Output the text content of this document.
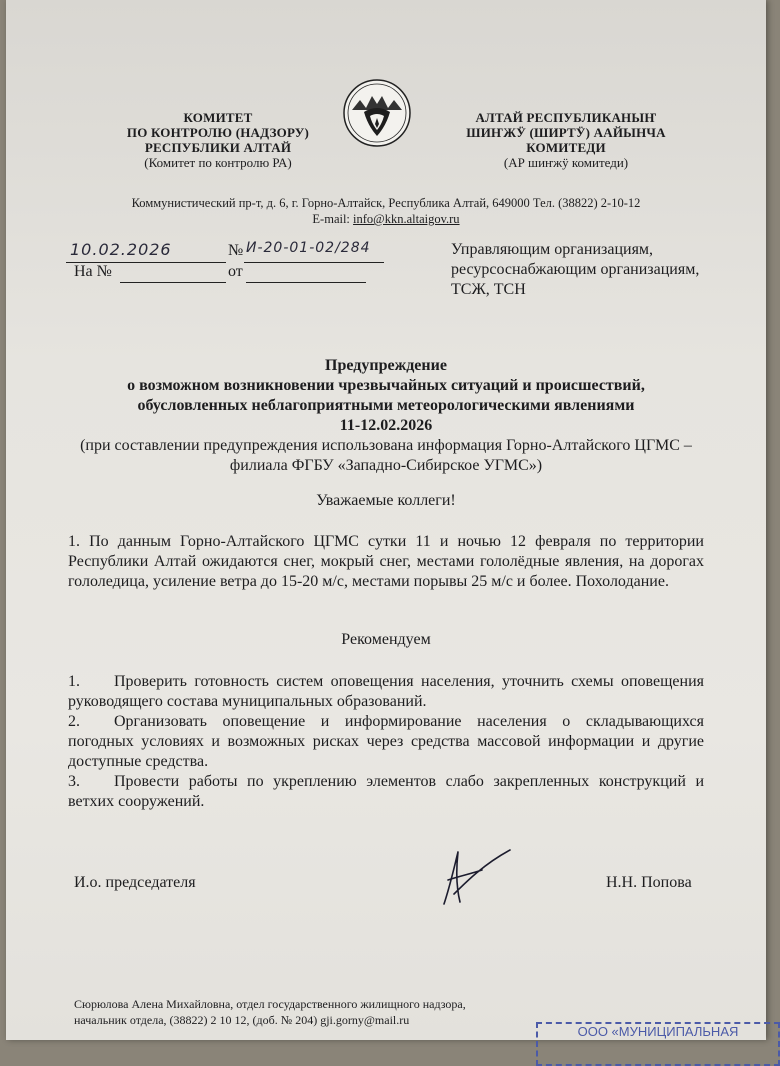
КОМИТЕТ
ПО КОНТРОЛЮ (НАДЗОРУ)
РЕСПУБЛИКИ АЛТАЙ
(Комитет по контролю РА)
АЛТАЙ РЕСПУБЛИКАНЫҤ
ШИҤЖӰ (ШИРТӰ) ААЙЫНЧА
КОМИТЕДИ
(АР шиҥжӱ комитеди)
Коммунистический пр-т, д. 6, г. Горно-Алтайск, Республика Алтай, 649000 Тел. (38822) 2-10-12
E-mail: info@kkn.altaigov.ru
10.02.2026	№ И-20-01-02/284
На №	от
Управляющим организациям, ресурсоснабжающим организациям, ТСЖ, ТСН
Предупреждение
о возможном возникновении чрезвычайных ситуаций и происшествий,
обусловленных неблагоприятными метеорологическими явлениями
11-12.02.2026
(при составлении предупреждения использована информация Горно-Алтайского ЦГМС – филиала ФГБУ «Западно-Сибирское УГМС»)
Уважаемые коллеги!
1. По данным Горно-Алтайского ЦГМС сутки 11 и ночью 12 февраля по территории Республики Алтай ожидаются снег, мокрый снег, местами гололёдные явления, на дорогах гололедица, усиление ветра до 15-20 м/с, местами порывы 25 м/с и более. Похолодание.
Рекомендуем
1. Проверить готовность систем оповещения населения, уточнить схемы оповещения руководящего состава муниципальных образований.
2. Организовать оповещение и информирование населения о складывающихся погодных условиях и возможных рисках через средства массовой информации и другие доступные средства.
3. Провести работы по укреплению элементов слабо закрепленных конструкций и ветхих сооружений.
И.о. председателя	Н.Н. Попова
Сюрюлова Алена Михайловна, отдел государственного жилищного надзора,
начальник отдела, (38822) 2 10 12, (доб. № 204) gji.gorny@mail.ru
ООО «МУНИЦИПАЛЬНАЯ
